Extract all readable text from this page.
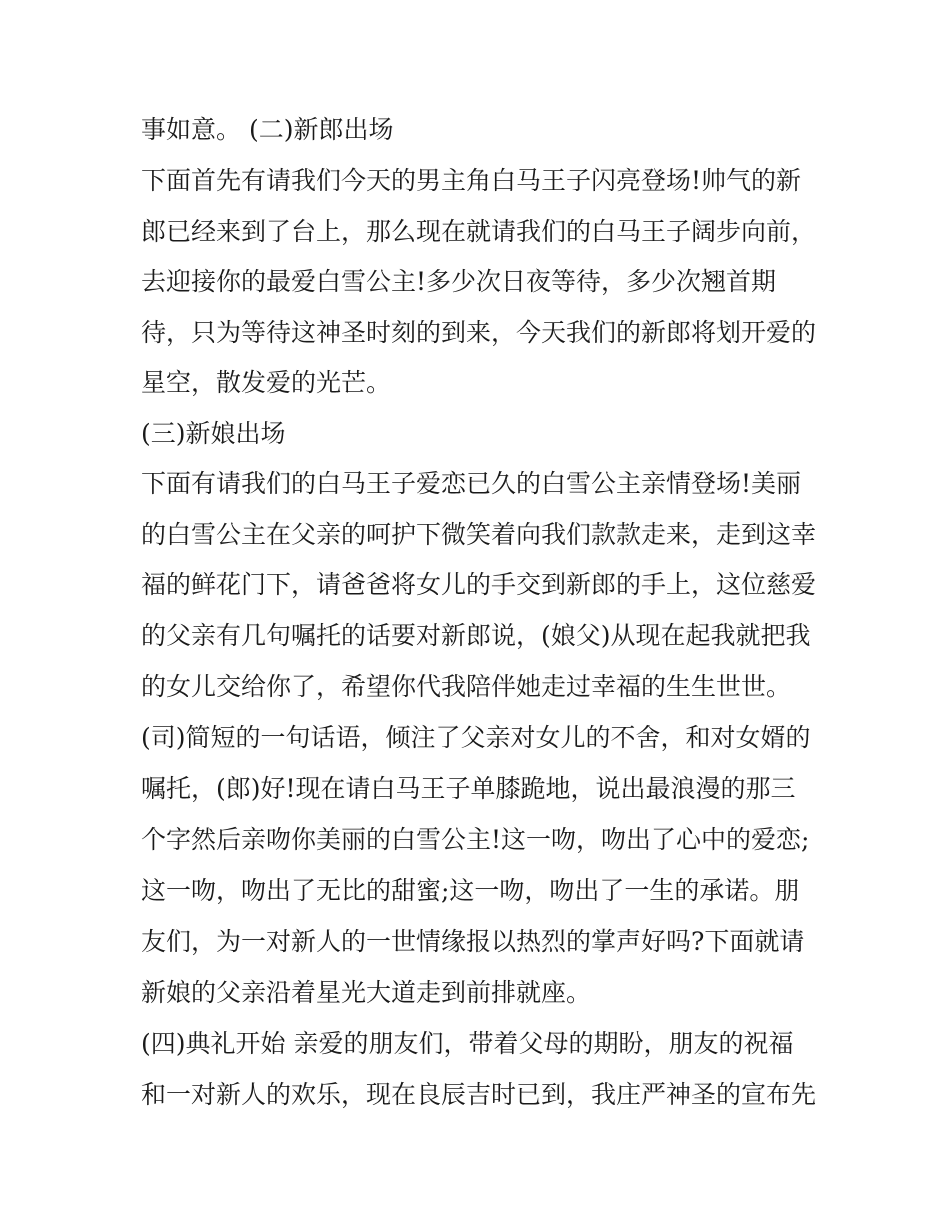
事如意。 (二)新郎出场
下面首先有请我们今天的男主角白马王子闪亮登场!帅气的新
郎已经来到了台上，那么现在就请我们的白马王子阔步向前，
去迎接你的最爱白雪公主!多少次日夜等待，多少次翘首期
待，只为等待这神圣时刻的到来，今天我们的新郎将划开爱的
星空，散发爱的光芒。
(三)新娘出场
下面有请我们的白马王子爱恋已久的白雪公主亲情登场!美丽
的白雪公主在父亲的呵护下微笑着向我们款款走来，走到这幸
福的鲜花门下，请爸爸将女儿的手交到新郎的手上，这位慈爱
的父亲有几句嘱托的话要对新郎说，(娘父)从现在起我就把我
的女儿交给你了，希望你代我陪伴她走过幸福的生生世世。
(司)简短的一句话语，倾注了父亲对女儿的不舍，和对女婿的
嘱托，(郎)好!现在请白马王子单膝跪地，说出最浪漫的那三
个字然后亲吻你美丽的白雪公主!这一吻，吻出了心中的爱恋;
这一吻，吻出了无比的甜蜜;这一吻，吻出了一生的承诺。朋
友们，为一对新人的一世情缘报以热烈的掌声好吗?下面就请
新娘的父亲沿着星光大道走到前排就座。
(四)典礼开始 亲爱的朋友们，带着父母的期盼，朋友的祝福
和一对新人的欢乐，现在良辰吉时已到，我庄严神圣的宣布先
